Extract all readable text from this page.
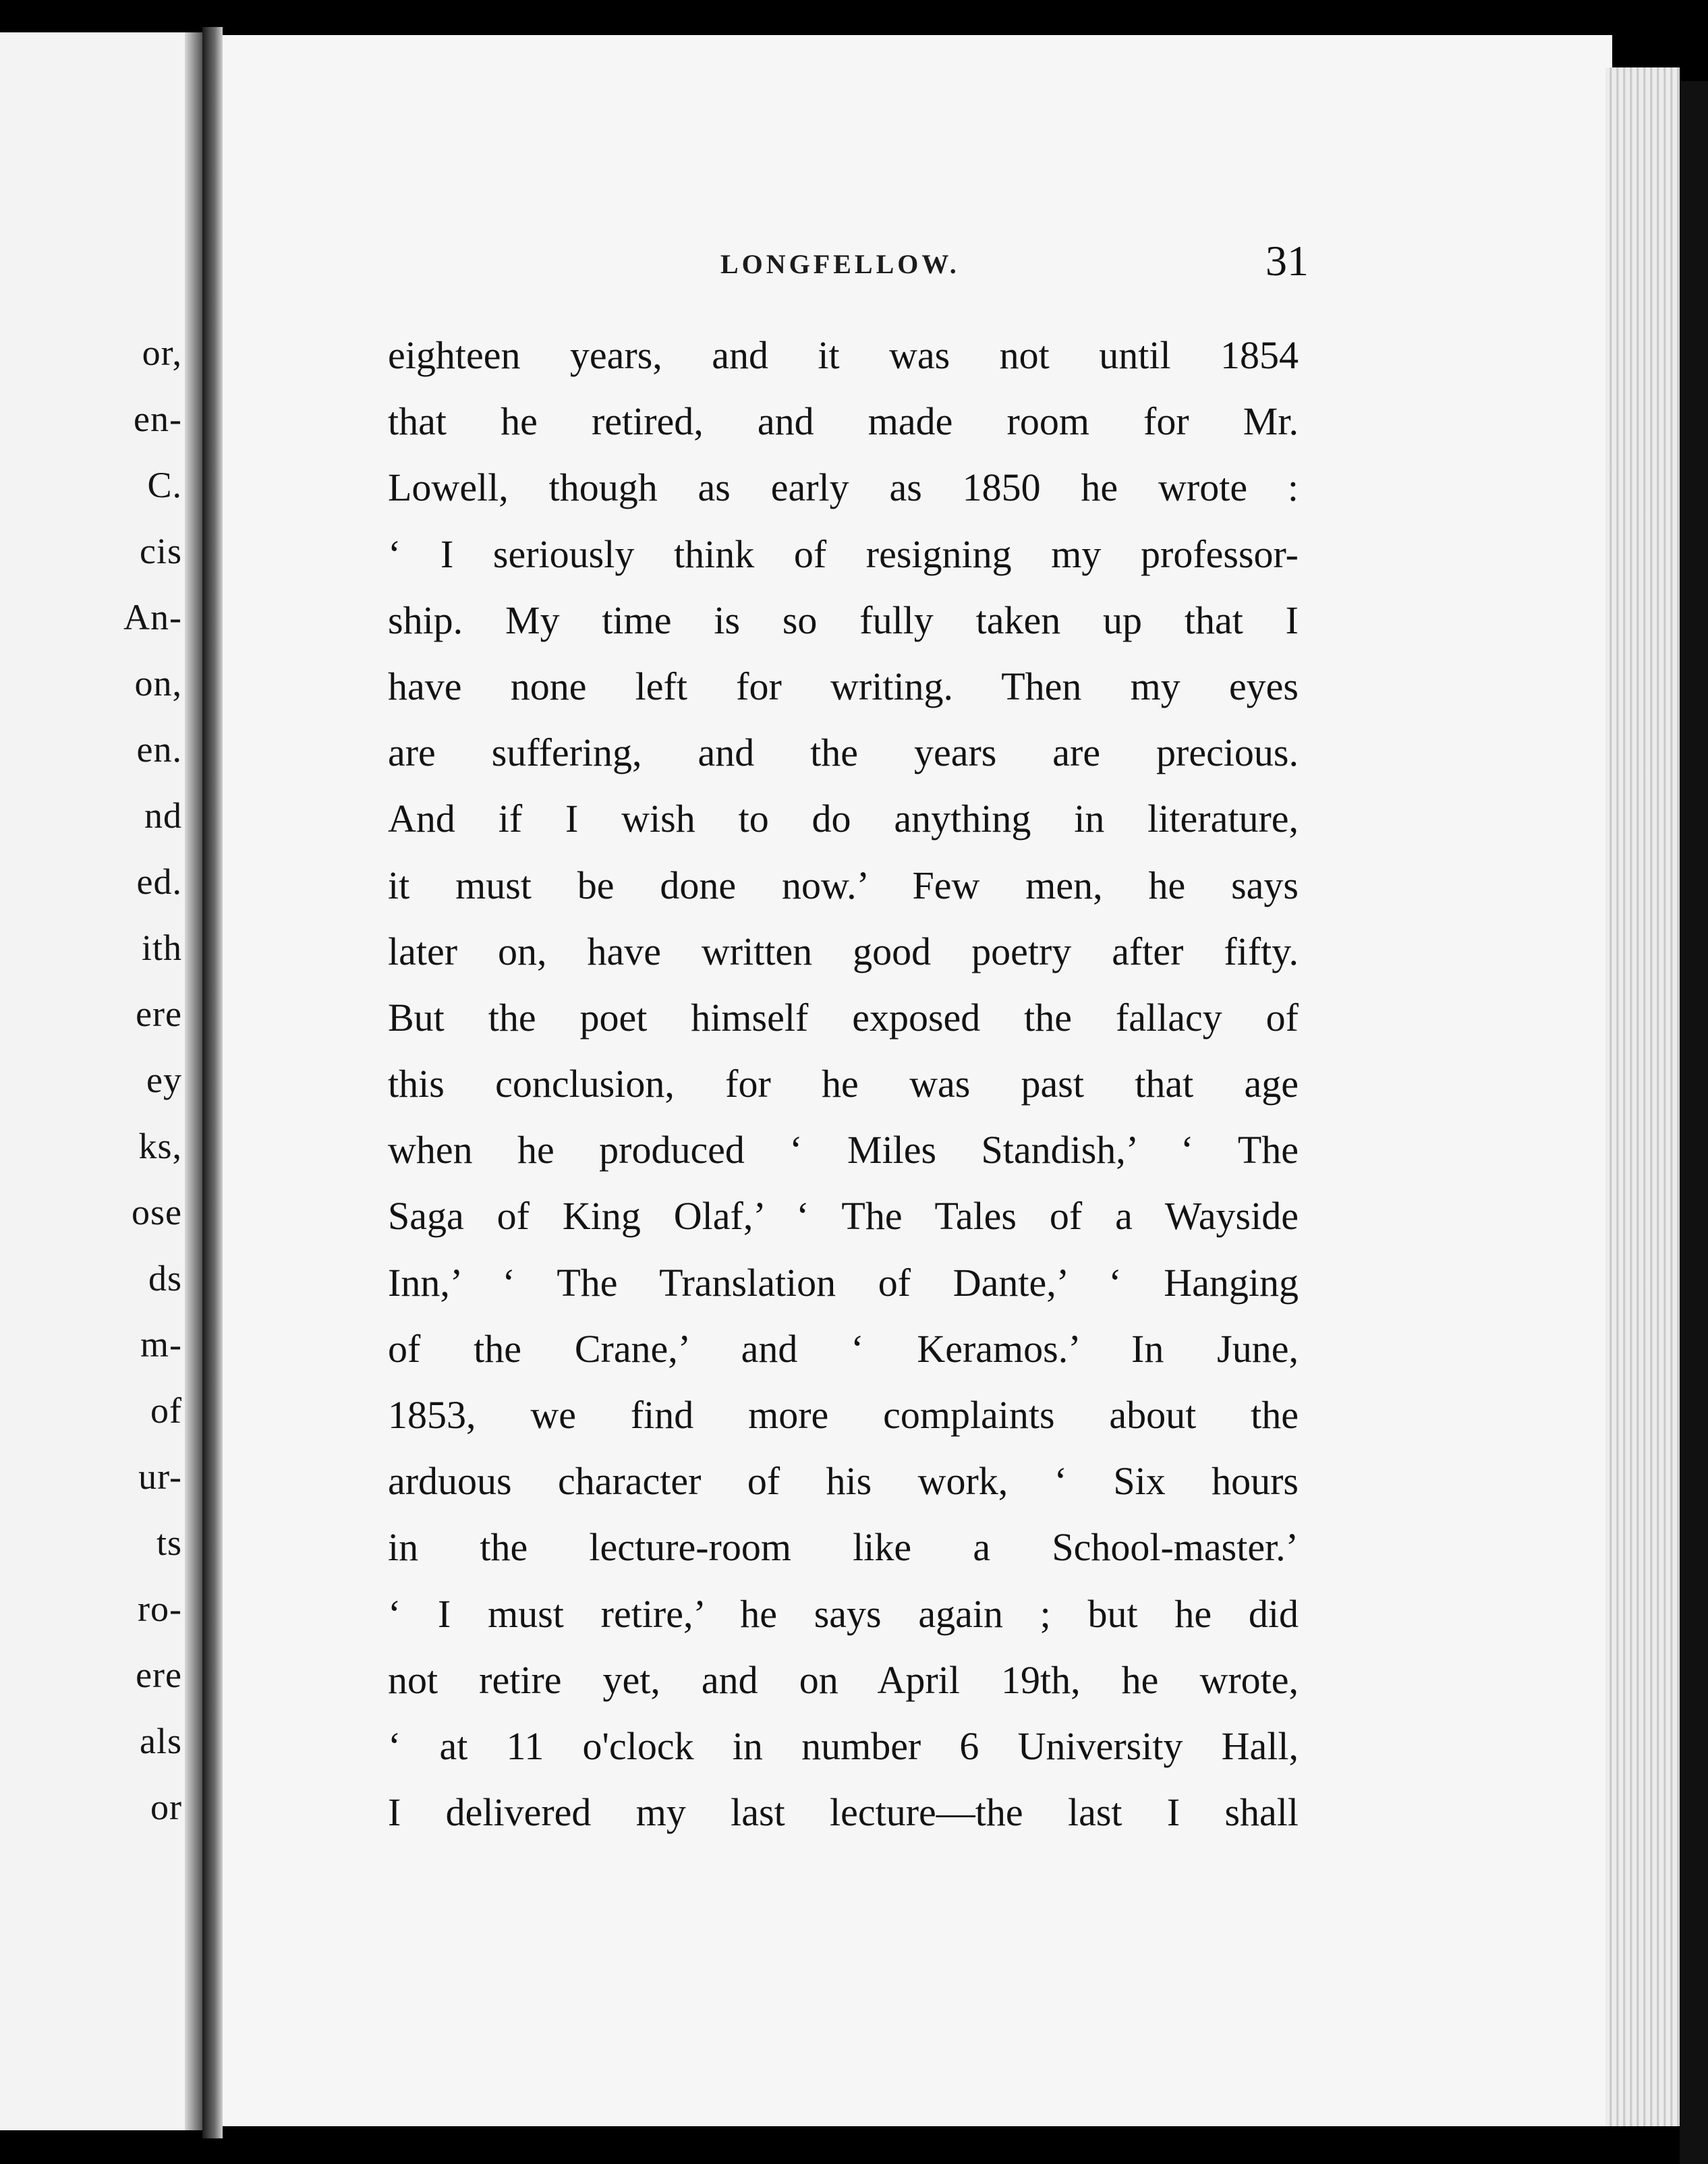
or,
en-
C.
cis
An-
on,
en.
nd
ed.
ith
ere
ey
ks,
ose
ds
m-
of
ur-
ts
ro-
ere
als
or
LONGFELLOW.	31
eighteen years, and it was not until 1854
that he retired, and made room for Mr.
Lowell, though as early as 1850 he wrote :
‘ I seriously think of resigning my professor-
ship. My time is so fully taken up that I
have none left for writing. Then my eyes
are suffering, and the years are precious.
And if I wish to do anything in literature,
it must be done now.’ Few men, he says
later on, have written good poetry after fifty.
But the poet himself exposed the fallacy of
this conclusion, for he was past that age
when he produced ‘ Miles Standish,’ ‘ The
Saga of King Olaf,’ ‘ The Tales of a Wayside
Inn,’ ‘ The Translation of Dante,’ ‘ Hanging
of the Crane,’ and ‘ Keramos.’ In June,
1853, we find more complaints about the
arduous character of his work, ‘ Six hours
in the lecture-room like a School-master.’
‘ I must retire,’ he says again ; but he did
not retire yet, and on April 19th, he wrote,
‘ at 11 o'clock in number 6 University Hall,
I delivered my last lecture—the last I shall
